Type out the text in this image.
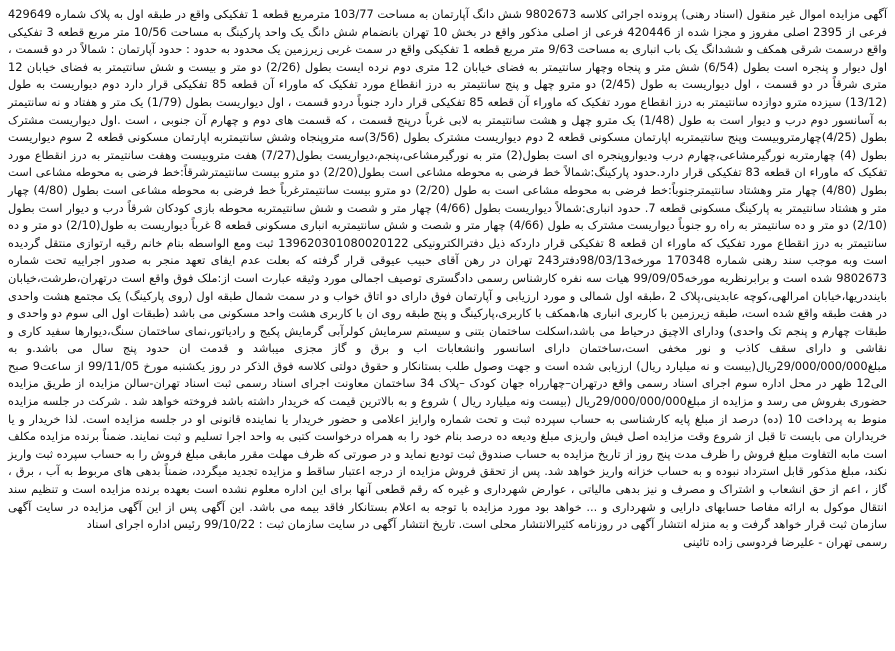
آگهی مزایده اموال غیر منقول (اسناد رهنی) پرونده اجرائی کلاسه 9802673 شش دانگ آپارتمان به مساحت 103/77 مترمربع قطعه 1 تفکیکی واقع در طبقه اول به پلاک شماره 429649 فرعی از 2395 اصلی مفروز و مجزا شده از 420446 فرعی از اصلی مذکور واقع در بخش 10 تهران بانضمام شش دانگ یک واحد پارکینگ به مساحت 10/56 متر مربع قطعه 3 تفکیکی واقع درسمت شرقی همکف و ششدانگ یک باب انباری به مساحت 9/63 متر مربع قطعه 1 تفکیکی واقع در سمت غربی زیرزمین یک محدود به حدود : حدود آپارتمان : شمالاً در دو قسمت ، اول دیوار و پنجره است بطول (6/54) شش متر و پنجاه وچهار سانتیمتر به فضای خیابان 12 متری دوم نرده ایست بطول (2/26) دو متر و بیست و شش سانتیمتر به فضای خیابان 12 متری شرقاً در دو قسمت ، اول دیواریست به طول (2/45) دو مترو چهل و پنج سانتیمتر به درز انقطاع مورد تفکیک که ماوراء آن قطعه 85 تفکیکی قرار دارد دوم دیواریست به طول (13/12) سیزده مترو دوازده سانتیمتر به درز انقطاع مورد تفکیک که ماوراء آن قطعه 85 تفکیکی قرار دارد جنوباً دردو قسمت ، اول دیواریست بطول (1/79) یک متر و هفتاد و نه سانتیمتر به آسانسور دوم درب و دیوار است به طول (1/48) یک مترو چهل و هشت سانتیمتر به لابی غرباً درپنج قسمت ، که قسمت های دوم و چهارم آن جنوبی ، است .اول دیواریست مشترک بطول (4/25)چهارمتروبیست وپنج سانتیمتربه اپارتمان مسکونی قطعه 2 دوم دیواریست مشترک بطول (3/56)سه متروپنجاه وشش سانتیمتربه اپارتمان مسکونی قطعه 2 سوم دیواریست بطول (4) چهارمتربه نورگیرمشاعی،چهارم درب ودیواروپنجره ای است بطول(2) متر به نورگیرمشاعی،پنجم،دیواریست بطول(7/27) هفت متروبیست وهفت سانتیمتر به درز انقطاع مورد تفکیک که ماوراء ان قطعه 83 تفکیکی قرار دارد.حدود پارکینگ:شمالاً خط فرضی به محوطه مشاعی است بطول(2/20) دو مترو بیست سانتیمترشرقاً:خط فرضی به محوطه مشاعی است بطول (4/80) چهار متر وهشتاد سانتیمترجنوباً:خط فرضی به محوطه مشاعی است به طول (2/20) دو مترو بیست سانتیمترغرباً خط فرضی به محوطه مشاعی است بطول (4/80) چهار متر و هشتاد سانتیمتر به پارکینگ مسکونی قطعه 7. حدود انباری:شمالاً دیواریست بطول (4/66) چهار متر و شصت و شش سانتیمتربه محوطه بازی کودکان شرقاً درب و دیوار است بطول (2/10) دو متر و ده سانتیمتر به راه رو جنوباً دیواریست مشترک به طول (4/66) چهار متر و شصت و شش سانتیمتربه انباری مسکونی قطعه 8 غرباً دیواریست به طول(2/10) دو متر و ده سانتیمتر به درز انقطاع مورد تفکیک که ماوراء ان قطعه 8 تفکیکی قرار داردکه ذیل دفترالکترونیکی 139620301080020122 ثبت ومع الواسطه بنام خانم رقیه ارتوازی منتقل گردیده است وبه موجب سند رهنی شماره 170348 مورخه98/03/13دفتر243 تهران در رهن آقای حبیب عیوقی قرار گرفته که بعلت عدم ایفای تعهد منجر به صدور اجراییه تحت شماره 9802673 شده است و برابرنظریه مورخه99/09/05 هیات سه نفره کارشناس رسمی دادگستری توصیف اجمالی مورد وثیقه عبارت است از:ملک فوق واقع است درتهران،طرشت،خیابان باینددریها،خیابان امرالهی،کوچه عابدینی،پلاک 2 ،طبقه اول شمالی و مورد ارزیابی و آپارتمان فوق دارای دو اتاق خواب و در سمت شمال طبقه اول (روی پارکینگ) یک مجتمع هشت واحدی در هفت طبقه واقع شده است، طبقه زیرزمین با کاربری انباری ها،همکف با کاربری،پارکینگ و پنج طبقه روی ان با کاربری هشت واحد مسکونی می باشد (طبقات اول الی سوم دو واحدی و طبقات چهارم و پنجم تک واحدی) ودارای الاچیق درحیاط می باشد،اسکلت ساختمان بتنی و سیستم سرمایش کولرآبی گرمایش پکیج و رادیاتور،نمای ساختمان سنگ،دیوارها سفید کاری و نقاشی و دارای سقف کاذب و نور مخفی است،ساختمان دارای اسانسور وانشعابات اب و برق و گاز مجزی میباشد و قدمت ان حدود پنج سال می باشد.و به مبلغ29/000/000/000ریال(بیست و نه میلیارد ریال) ارزیابی شده است و جهت وصول طلب بستانکار و حقوق دولتی کلاسه فوق الذکر در روز یکشنبه مورخ 99/11/05 از ساعت9 صبح الی12 ظهر در محل اداره سوم اجرای اسناد رسمی واقع درتهران–چهارراه جهان کودک –پلاک 34 ساختمان معاونت اجرای اسناد رسمی ثبت اسناد تهران-سالن مزایده از طریق مزایده حضوری بفروش می رسد و مزایده از مبلغ29/000/000/000ریال (بیست ونه میلیارد ریال ) شروع و به بالاترین قیمت که خریدار داشته باشد فروخته خواهد شد . شرکت در جلسه مزایده منوط به پرداخت 10 (ده) درصد از مبلغ پایه کارشناسی به حساب سپرده ثبت و تحت شماره وارایز اعلامی و حضور خریدار یا نماینده قانونی او در جلسه مزایده است. لذا خریدار و یا خریداران می بایست تا قبل از شروع وقت مزایده اصل فیش واریزی مبلغ ودیعه ده درصد بنام خود را به همراه درخواست کتبی به واحد اجرا تسلیم و ثبت نمایند. ضمناً برنده مزایده مکلف است مابه التفاوت مبلغ فروش را ظرف مدت پنج روز از تاریخ مزایده به حساب صندوق ثبت تودیع نماید و در صورتی که ظرف مهلت مقرر مابقی مبلغ فروش را به حساب سپرده ثبت واریز نکند، مبلغ مذکور قابل استرداد نبوده و به حساب خزانه واریز خواهد شد. پس از تحقق فروش مزایده از درجه اعتبار ساقط و مزایده تجدید میگردد، ضمناً بدهی های مربوط به آب ، برق ، گاز ، اعم از حق انشعاب و اشتراک و مصرف و نیز بدهی مالیاتی ، عوارض شهرداری و غیره که رقم قطعی آنها برای این اداره معلوم نشده است بعهده برنده مزایده است و تنظیم سند انتقال موکول به ارائه مفاصا حسابهای دارایی و شهرداری و ... خواهد بود مورد مزایده با توجه به اعلام بستانکار فاقد بیمه می باشد. این آگهی پس از این آگهی مزایده در سایت آگهی سازمان ثبت قرار خواهد گرفت و به منزله انتشار آگهی در روزنامه کثیرالانتشار محلی است. تاریخ انتشار آگهی در سایت سازمان ثبت : 99/10/22 رئیس اداره اجرای اسناد

رسمی تهران - علیرضا فردوسی زاده تائینی
